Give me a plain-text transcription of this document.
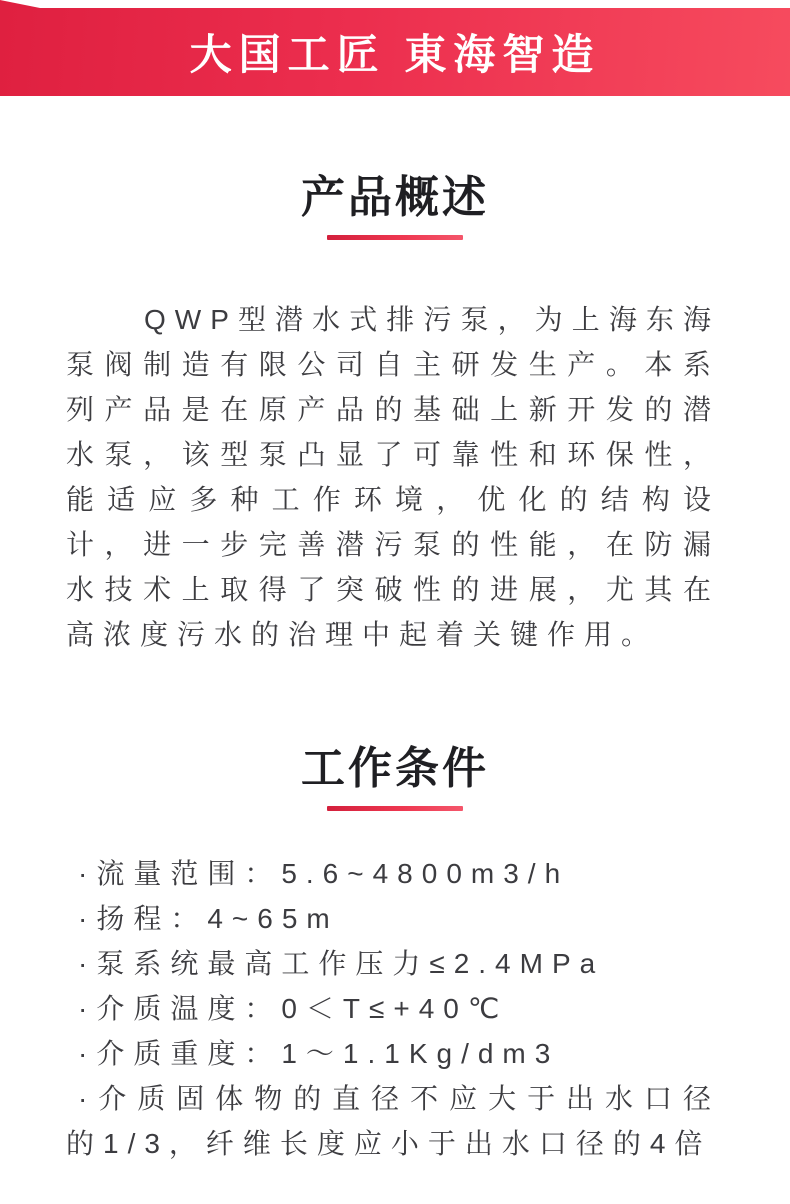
大国工匠 東海智造
产品概述

QWP型潜水式排污泵，为上海东海泵阀制造有限公司自主研发生产。本系列产品是在原产品的基础上新开发的潜水泵，该型泵凸显了可靠性和环保性，能适应多种工作环境，优化的结构设计，进一步完善潜污泵的性能，在防漏水技术上取得了突破性的进展，尤其在高浓度污水的治理中起着关键作用。

工作条件
·流量范围：5.6~4800m3/h
·扬程：4~65m
·泵系统最高工作压力≤2.4MPa
·介质温度：0＜T≤+40℃
·介质重度：1～1.1Kg/dm3
·介质固体物的直径不应大于出水口径的1/3，纤维长度应小于出水口径的4倍
